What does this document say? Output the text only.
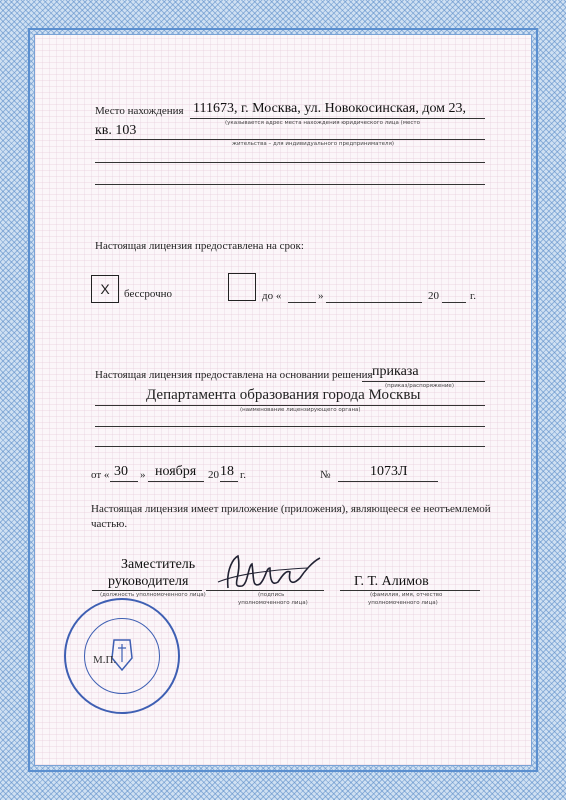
Место нахождения 111673, г. Москва, ул. Новокосинская, дом 23,
(указывается адрес места нахождения юридического лица (место
кв. 103
жительства – для индивидуального предпринимателя)
Настоящая лицензия предоставлена на срок:
X	бессрочно	до «	»	20	г.
Настоящая лицензия предоставлена на основании решения приказа
(приказ/распоряжение)
Департамента образования города Москвы
(наименование лицензирующего органа)
от « 30 » ноября 20 18 г.	№	1073Л
Настоящая лицензия имеет приложение (приложения), являющееся ее неотъемлемой
частью.
Заместитель
руководителя
(должность уполномоченного лица)	(подпись
уполномоченного лица)
Г. Т. Алимов
(фамилия, имя, отчество
уполномоченного лица)
М.П.
